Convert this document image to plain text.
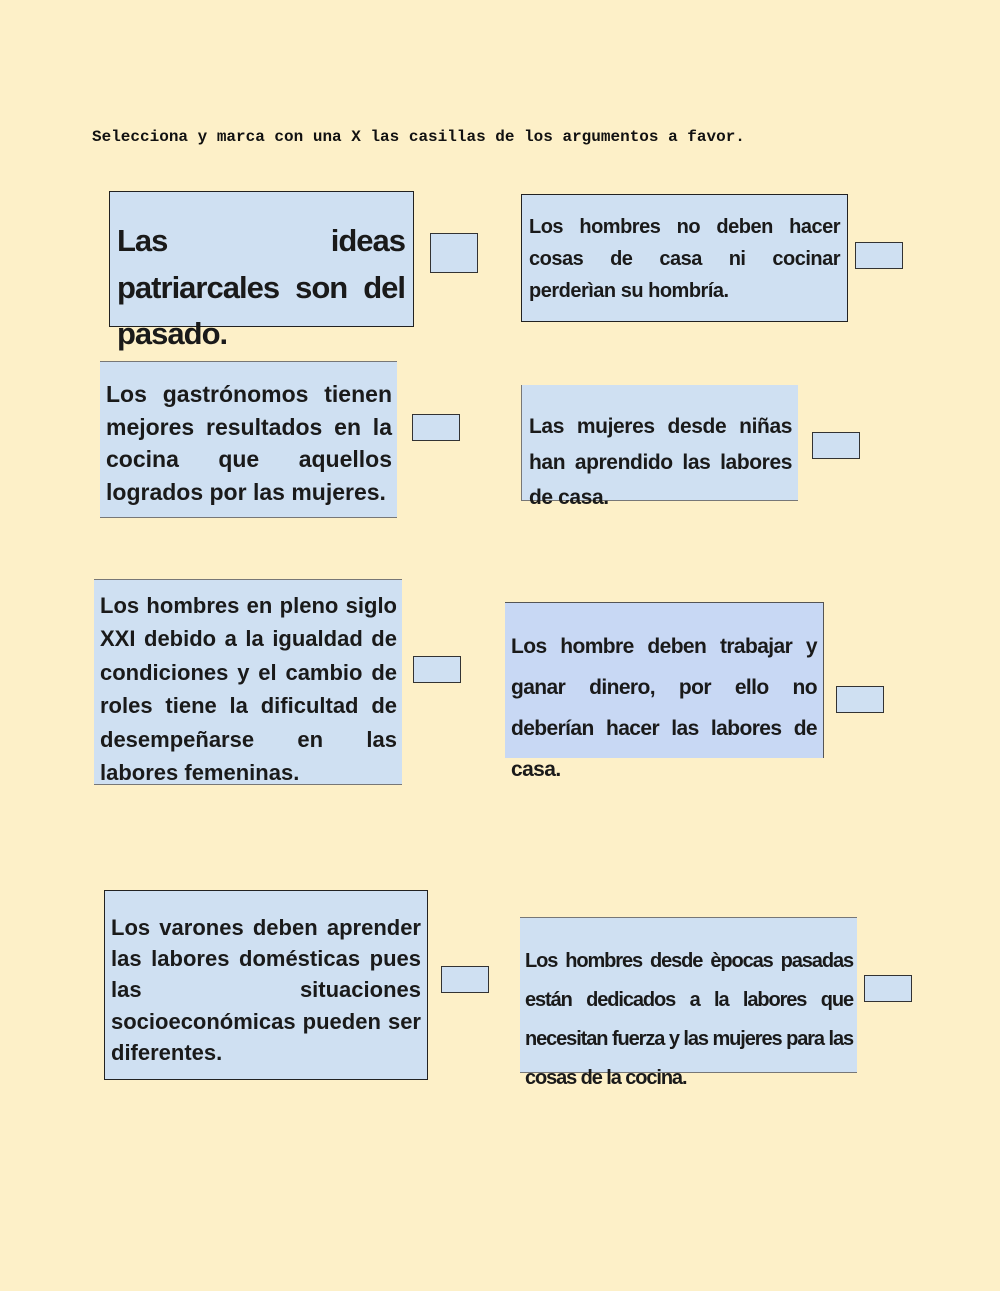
Selecciona y marca con una X las casillas de los argumentos a favor.
Las ideas patriarcales son del pasado.
Los hombres no deben hacer cosas de casa ni cocinar perderìan su hombría.
Los gastrónomos tienen mejores resultados en la cocina que aquellos logrados por las mujeres.
Las mujeres desde niñas han aprendido las labores de casa.
Los hombres en pleno siglo XXI debido a la igualdad de condiciones y el cambio de roles tiene la dificultad de desempeñarse en las labores femeninas.
Los hombre deben trabajar y ganar dinero, por ello no deberían hacer las labores de casa.
Los varones deben aprender las labores domésticas pues las situaciones socioeconómicas pueden ser diferentes.
Los hombres desde èpocas pasadas están dedicados a la labores que necesitan fuerza y las mujeres para las cosas de la cocina.
